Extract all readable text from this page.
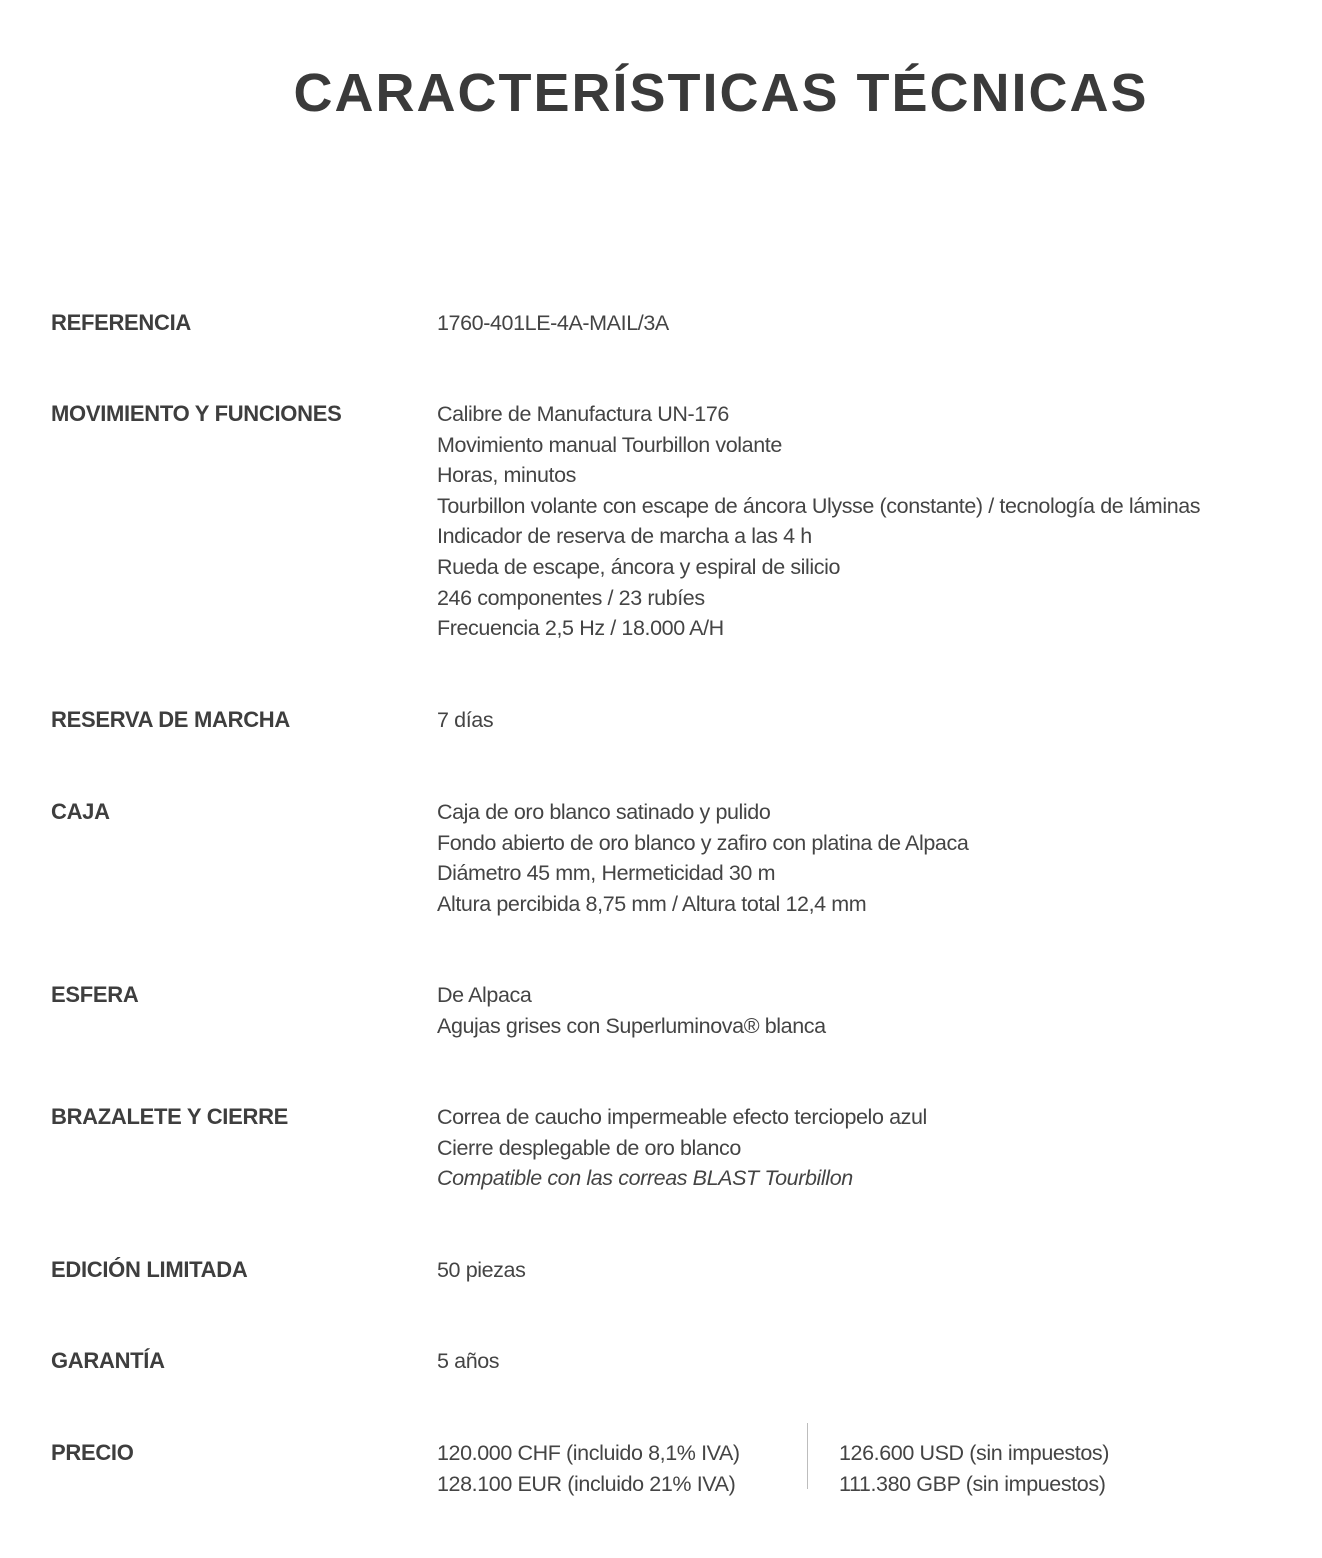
CARACTERÍSTICAS TÉCNICAS
REFERENCIA	1760-401LE-4A-MAIL/3A
MOVIMIENTO Y FUNCIONES	Calibre de Manufactura UN-176
Movimiento manual Tourbillon volante
Horas, minutos
Tourbillon volante con escape de áncora Ulysse (constante) / tecnología de láminas
Indicador de reserva de marcha a las 4 h
Rueda de escape, áncora y espiral de silicio
246 componentes / 23 rubíes
Frecuencia 2,5 Hz / 18.000 A/H
RESERVA DE MARCHA	7 días
CAJA	Caja de oro blanco satinado y pulido
Fondo abierto de oro blanco y zafiro con platina de Alpaca
Diámetro 45 mm, Hermeticidad 30 m
Altura percibida 8,75 mm / Altura total 12,4 mm
ESFERA	De Alpaca
Agujas grises con Superluminova® blanca
BRAZALETE Y CIERRE	Correa de caucho impermeable efecto terciopelo azul
Cierre desplegable de oro blanco
Compatible con las correas BLAST Tourbillon
EDICIÓN LIMITADA	50 piezas
GARANTÍA	5 años
PRECIO	120.000 CHF (incluido 8,1% IVA)
128.100 EUR (incluido 21% IVA)
126.600 USD (sin impuestos)
111.380 GBP (sin impuestos)
